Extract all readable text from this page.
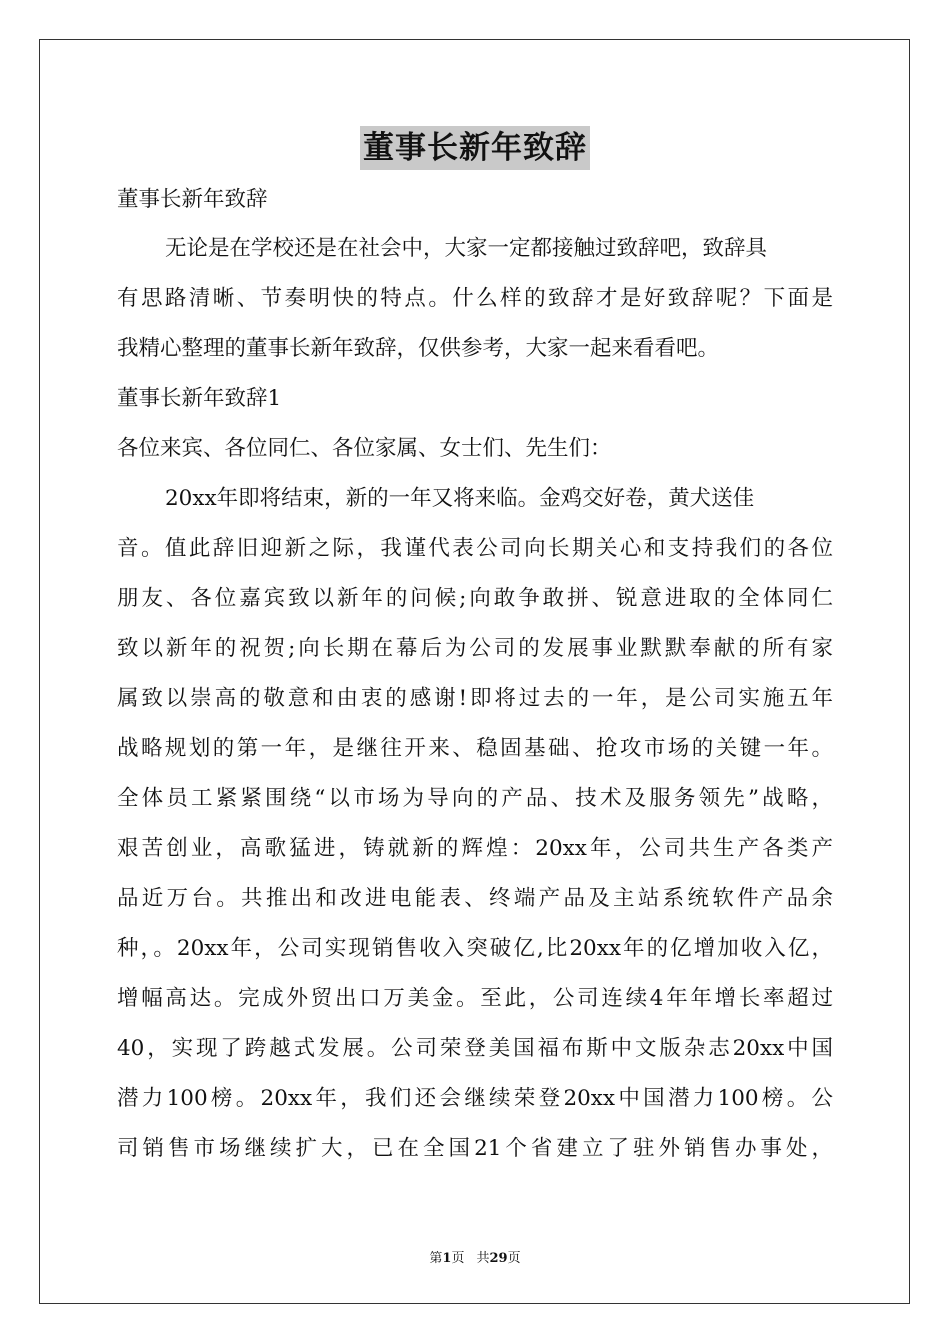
董事长新年致辞
董事长新年致辞
无论是在学校还是在社会中，大家一定都接触过致辞吧，致辞具
有思路清晰、节奏明快的特点。什么样的致辞才是好致辞呢？下面是
我精心整理的董事长新年致辞，仅供参考，大家一起来看看吧。
董事长新年致辞1
各位来宾、各位同仁、各位家属、女士们、先生们：
20xx年即将结束，新的一年又将来临。金鸡交好卷，黄犬送佳
音。值此辞旧迎新之际，我谨代表公司向长期关心和支持我们的各位
朋友、各位嘉宾致以新年的问候;向敢争敢拼、锐意进取的全体同仁
致以新年的祝贺;向长期在幕后为公司的发展事业默默奉献的所有家
属致以崇高的敬意和由衷的感谢!即将过去的一年，是公司实施五年
战略规划的第一年，是继往开来、稳固基础、抢攻市场的关键一年。
全体员工紧紧围绕“以市场为导向的产品、技术及服务领先”战略，
艰苦创业，高歌猛进，铸就新的辉煌：20xx年，公司共生产各类产
品近万台。共推出和改进电能表、终端产品及主站系统软件产品余
种，。20xx年，公司实现销售收入突破亿,比20xx年的亿增加收入亿，
增幅高达。完成外贸出口万美金。至此，公司连续4年年增长率超过
40，实现了跨越式发展。公司荣登美国福布斯中文版杂志20xx中国
潜力100榜。20xx年，我们还会继续荣登20xx中国潜力100榜。公
司销售市场继续扩大，已在全国21个省建立了驻外销售办事处，
第1页 共29页
